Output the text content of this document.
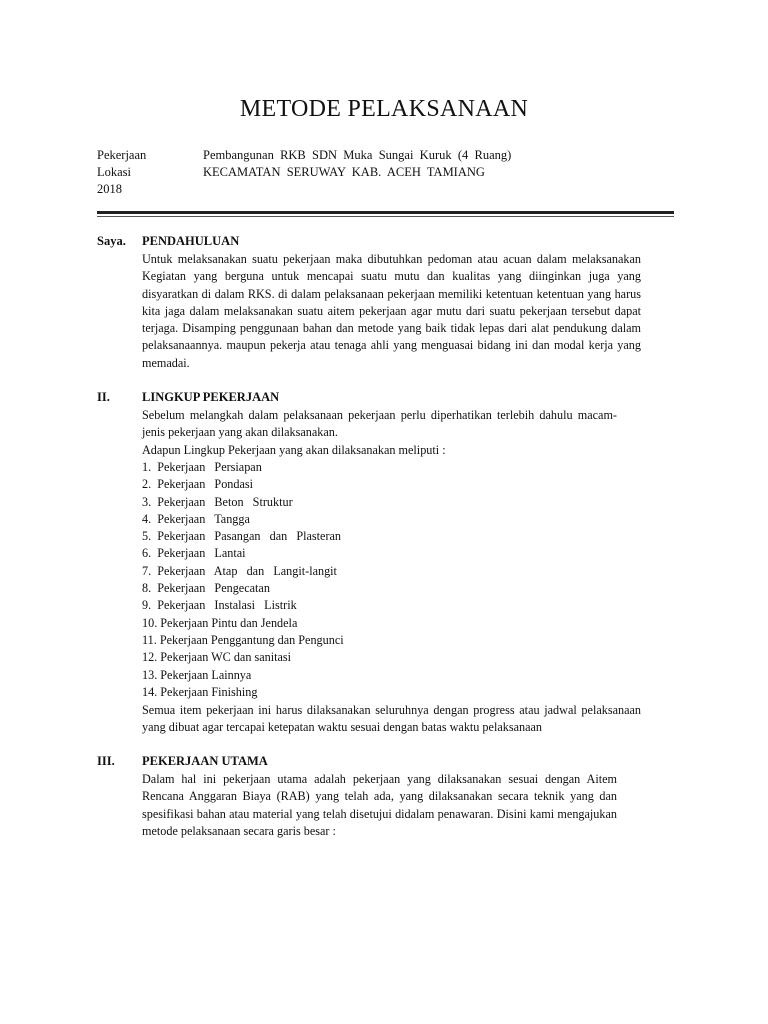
METODE PELAKSANAAN
Pekerjaan
Lokasi
2018
Pembangunan  RKB  SDN  Muka  Sungai  Kuruk  (4  Ruang)
KECAMATAN  SERUWAY  KAB.  ACEH  TAMIANG
Saya. PENDAHULUAN
Untuk melaksanakan suatu pekerjaan maka dibutuhkan pedoman atau acuan dalam melaksanakan Kegiatan yang berguna untuk mencapai suatu mutu dan kualitas yang diinginkan juga yang disyaratkan di dalam RKS. di dalam pelaksanaan pekerjaan memiliki ketentuan ketentuan yang harus kita jaga dalam melaksanakan suatu aitem pekerjaan agar mutu dari suatu pekerjaan tersebut dapat terjaga. Disamping penggunaan bahan dan metode yang baik tidak lepas dari alat pendukung dalam pelaksanaannya. maupun pekerja atau tenaga ahli yang menguasai bidang ini dan modal kerja yang memadai.
II.	LINGKUP PEKERJAAN
Sebelum melangkah dalam pelaksanaan pekerjaan perlu diperhatikan terlebih dahulu macam-jenis pekerjaan yang akan dilaksanakan.
Adapun Lingkup Pekerjaan yang akan dilaksanakan meliputi :
1.  Pekerjaan   Persiapan
2.  Pekerjaan   Pondasi
3.  Pekerjaan   Beton   Struktur
4.  Pekerjaan   Tangga
5.  Pekerjaan   Pasangan   dan   Plasteran
6.  Pekerjaan   Lantai
7.  Pekerjaan   Atap   dan   Langit-langit
8.  Pekerjaan   Pengecatan
9.  Pekerjaan   Instalasi   Listrik
10. Pekerjaan Pintu dan Jendela
11. Pekerjaan Penggantung dan Pengunci
12. Pekerjaan WC dan sanitasi
13. Pekerjaan Lainnya
14. Pekerjaan Finishing
Semua item pekerjaan ini harus dilaksanakan seluruhnya dengan progress atau jadwal pelaksanaan yang dibuat agar tercapai ketepatan waktu sesuai dengan batas waktu pelaksanaan
III. PEKERJAAN UTAMA
Dalam hal ini pekerjaan utama adalah pekerjaan yang dilaksanakan sesuai dengan Aitem Rencana Anggaran Biaya (RAB) yang telah ada, yang dilaksanakan secara teknik yang dan spesifikasi bahan atau material yang telah disetujui didalam penawaran. Disini kami mengajukan metode pelaksanaan secara garis besar :
